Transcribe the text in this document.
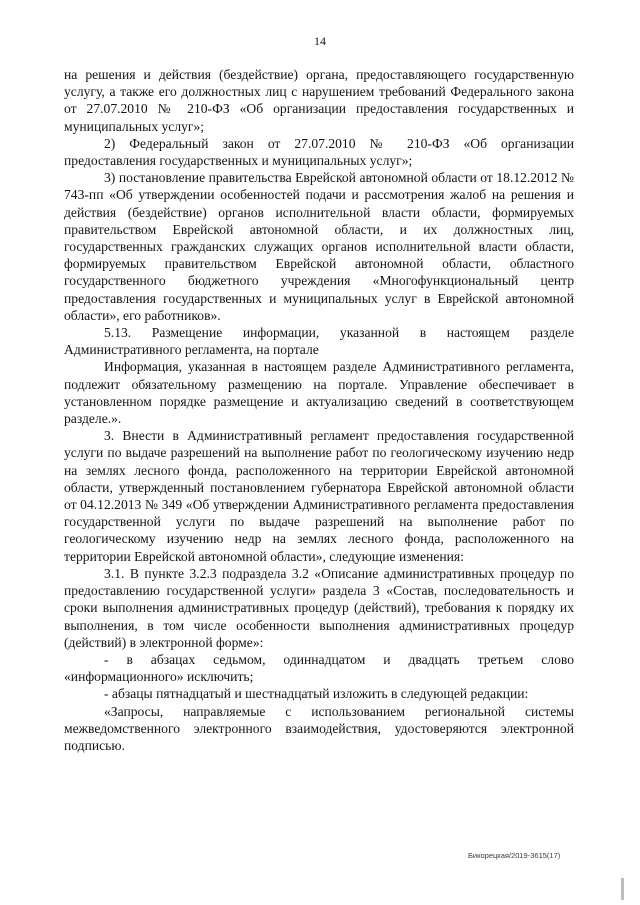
14

на решения и действия (бездействие) органа, предоставляющего государственную услугу, а также его должностных лиц с нарушением требований Федерального закона от 27.07.2010 № 210-ФЗ «Об организации предоставления государственных и муниципальных услуг»;

2) Федеральный закон от 27.07.2010 № 210-ФЗ «Об организации предоставления государственных и муниципальных услуг»;

3) постановление правительства Еврейской автономной области от 18.12.2012 № 743-пп «Об утверждении особенностей подачи и рассмотрения жалоб на решения и действия (бездействие) органов исполнительной власти области, формируемых правительством Еврейской автономной области, и их должностных лиц, государственных гражданских служащих органов исполнительной власти области, формируемых правительством Еврейской автономной области, областного государственного бюджетного учреждения «Многофункциональный центр предоставления государственных и муниципальных услуг в Еврейской автономной области», его работников».

5.13. Размещение информации, указанной в настоящем разделе Административного регламента, на портале

Информация, указанная в настоящем разделе Административного регламента, подлежит обязательному размещению на портале. Управление обеспечивает в установленном порядке размещение и актуализацию сведений в соответствующем разделе.».

3. Внести в Административный регламент предоставления государственной услуги по выдаче разрешений на выполнение работ по геологическому изучению недр на землях лесного фонда, расположенного на территории Еврейской автономной области, утвержденный постановлением губернатора Еврейской автономной области от 04.12.2013 № 349 «Об утверждении Административного регламента предоставления государственной услуги по выдаче разрешений на выполнение работ по геологическому изучению недр на землях лесного фонда, расположенного на территории Еврейской автономной области», следующие изменения:

3.1. В пункте 3.2.3 подраздела 3.2 «Описание административных процедур по предоставлению государственной услуги» раздела 3 «Состав, последовательность и сроки выполнения административных процедур (действий), требования к порядку их выполнения, в том числе особенности выполнения административных процедур (действий) в электронной форме»:

- в абзацах седьмом, одиннадцатом и двадцать третьем слово «информационного» исключить;

- абзацы пятнадцатый и шестнадцатый изложить в следующей редакции:

«Запросы, направляемые с использованием региональной системы межведомственного электронного взаимодействия, удостоверяются электронной подписью.

Бикорецкая/2019-3615(17)
